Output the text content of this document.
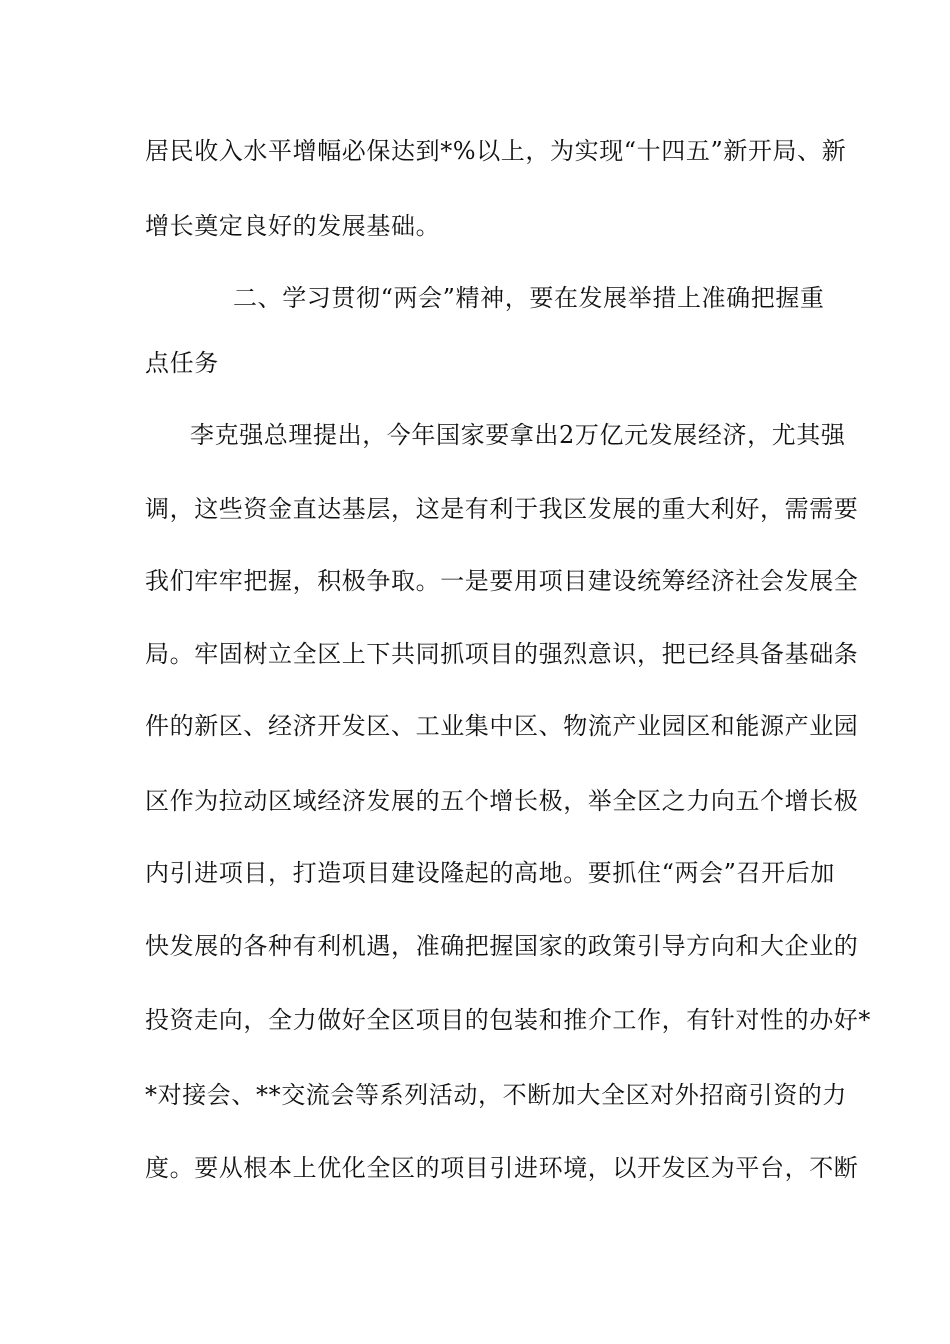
居民收入水平增幅必保达到*%以上，为实现“十四五”新开局、新
增长奠定良好的发展基础。
二、学习贯彻“两会”精神，要在发展举措上准确把握重
点任务
李克强总理提出，今年国家要拿出2万亿元发展经济，尤其强
调，这些资金直达基层，这是有利于我区发展的重大利好，需需要
我们牢牢把握，积极争取。一是要用项目建设统筹经济社会发展全
局。牢固树立全区上下共同抓项目的强烈意识，把已经具备基础条
件的新区、经济开发区、工业集中区、物流产业园区和能源产业园
区作为拉动区域经济发展的五个增长极，举全区之力向五个增长极
内引进项目，打造项目建设隆起的高地。要抓住“两会”召开后加
快发展的各种有利机遇，准确把握国家的政策引导方向和大企业的
投资走向，全力做好全区项目的包装和推介工作，有针对性的办好*
*对接会、**交流会等系列活动，不断加大全区对外招商引资的力
度。要从根本上优化全区的项目引进环境，以开发区为平台，不断
